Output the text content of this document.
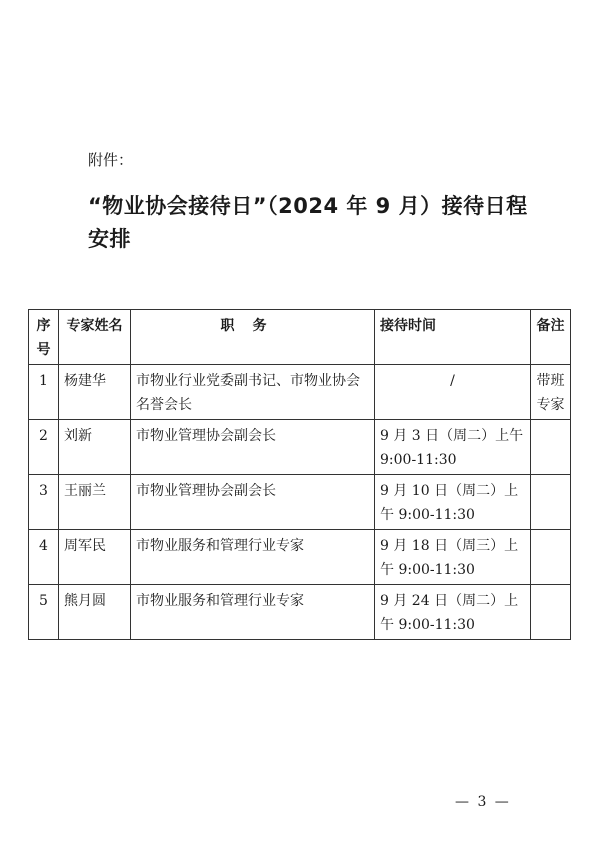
附件：
“物业协会接待日”（2024 年 9 月）接待日程安排
序号	专家姓名	职务	接待时间	备注
1	杨建华	市物业行业党委副书记、市物业协会名誉会长	/	带班专家
2	刘新	市物业管理协会副会长	9 月 3 日（周二）上午 9:00-11:30	
3	王丽兰	市物业管理协会副会长	9 月 10 日（周二）上午 9:00-11:30	
4	周军民	市物业服务和管理行业专家	9 月 18 日（周三）上午 9:00-11:30	
5	熊月圆	市物业服务和管理行业专家	9 月 24 日（周二）上午 9:00-11:30	
— 3 —
